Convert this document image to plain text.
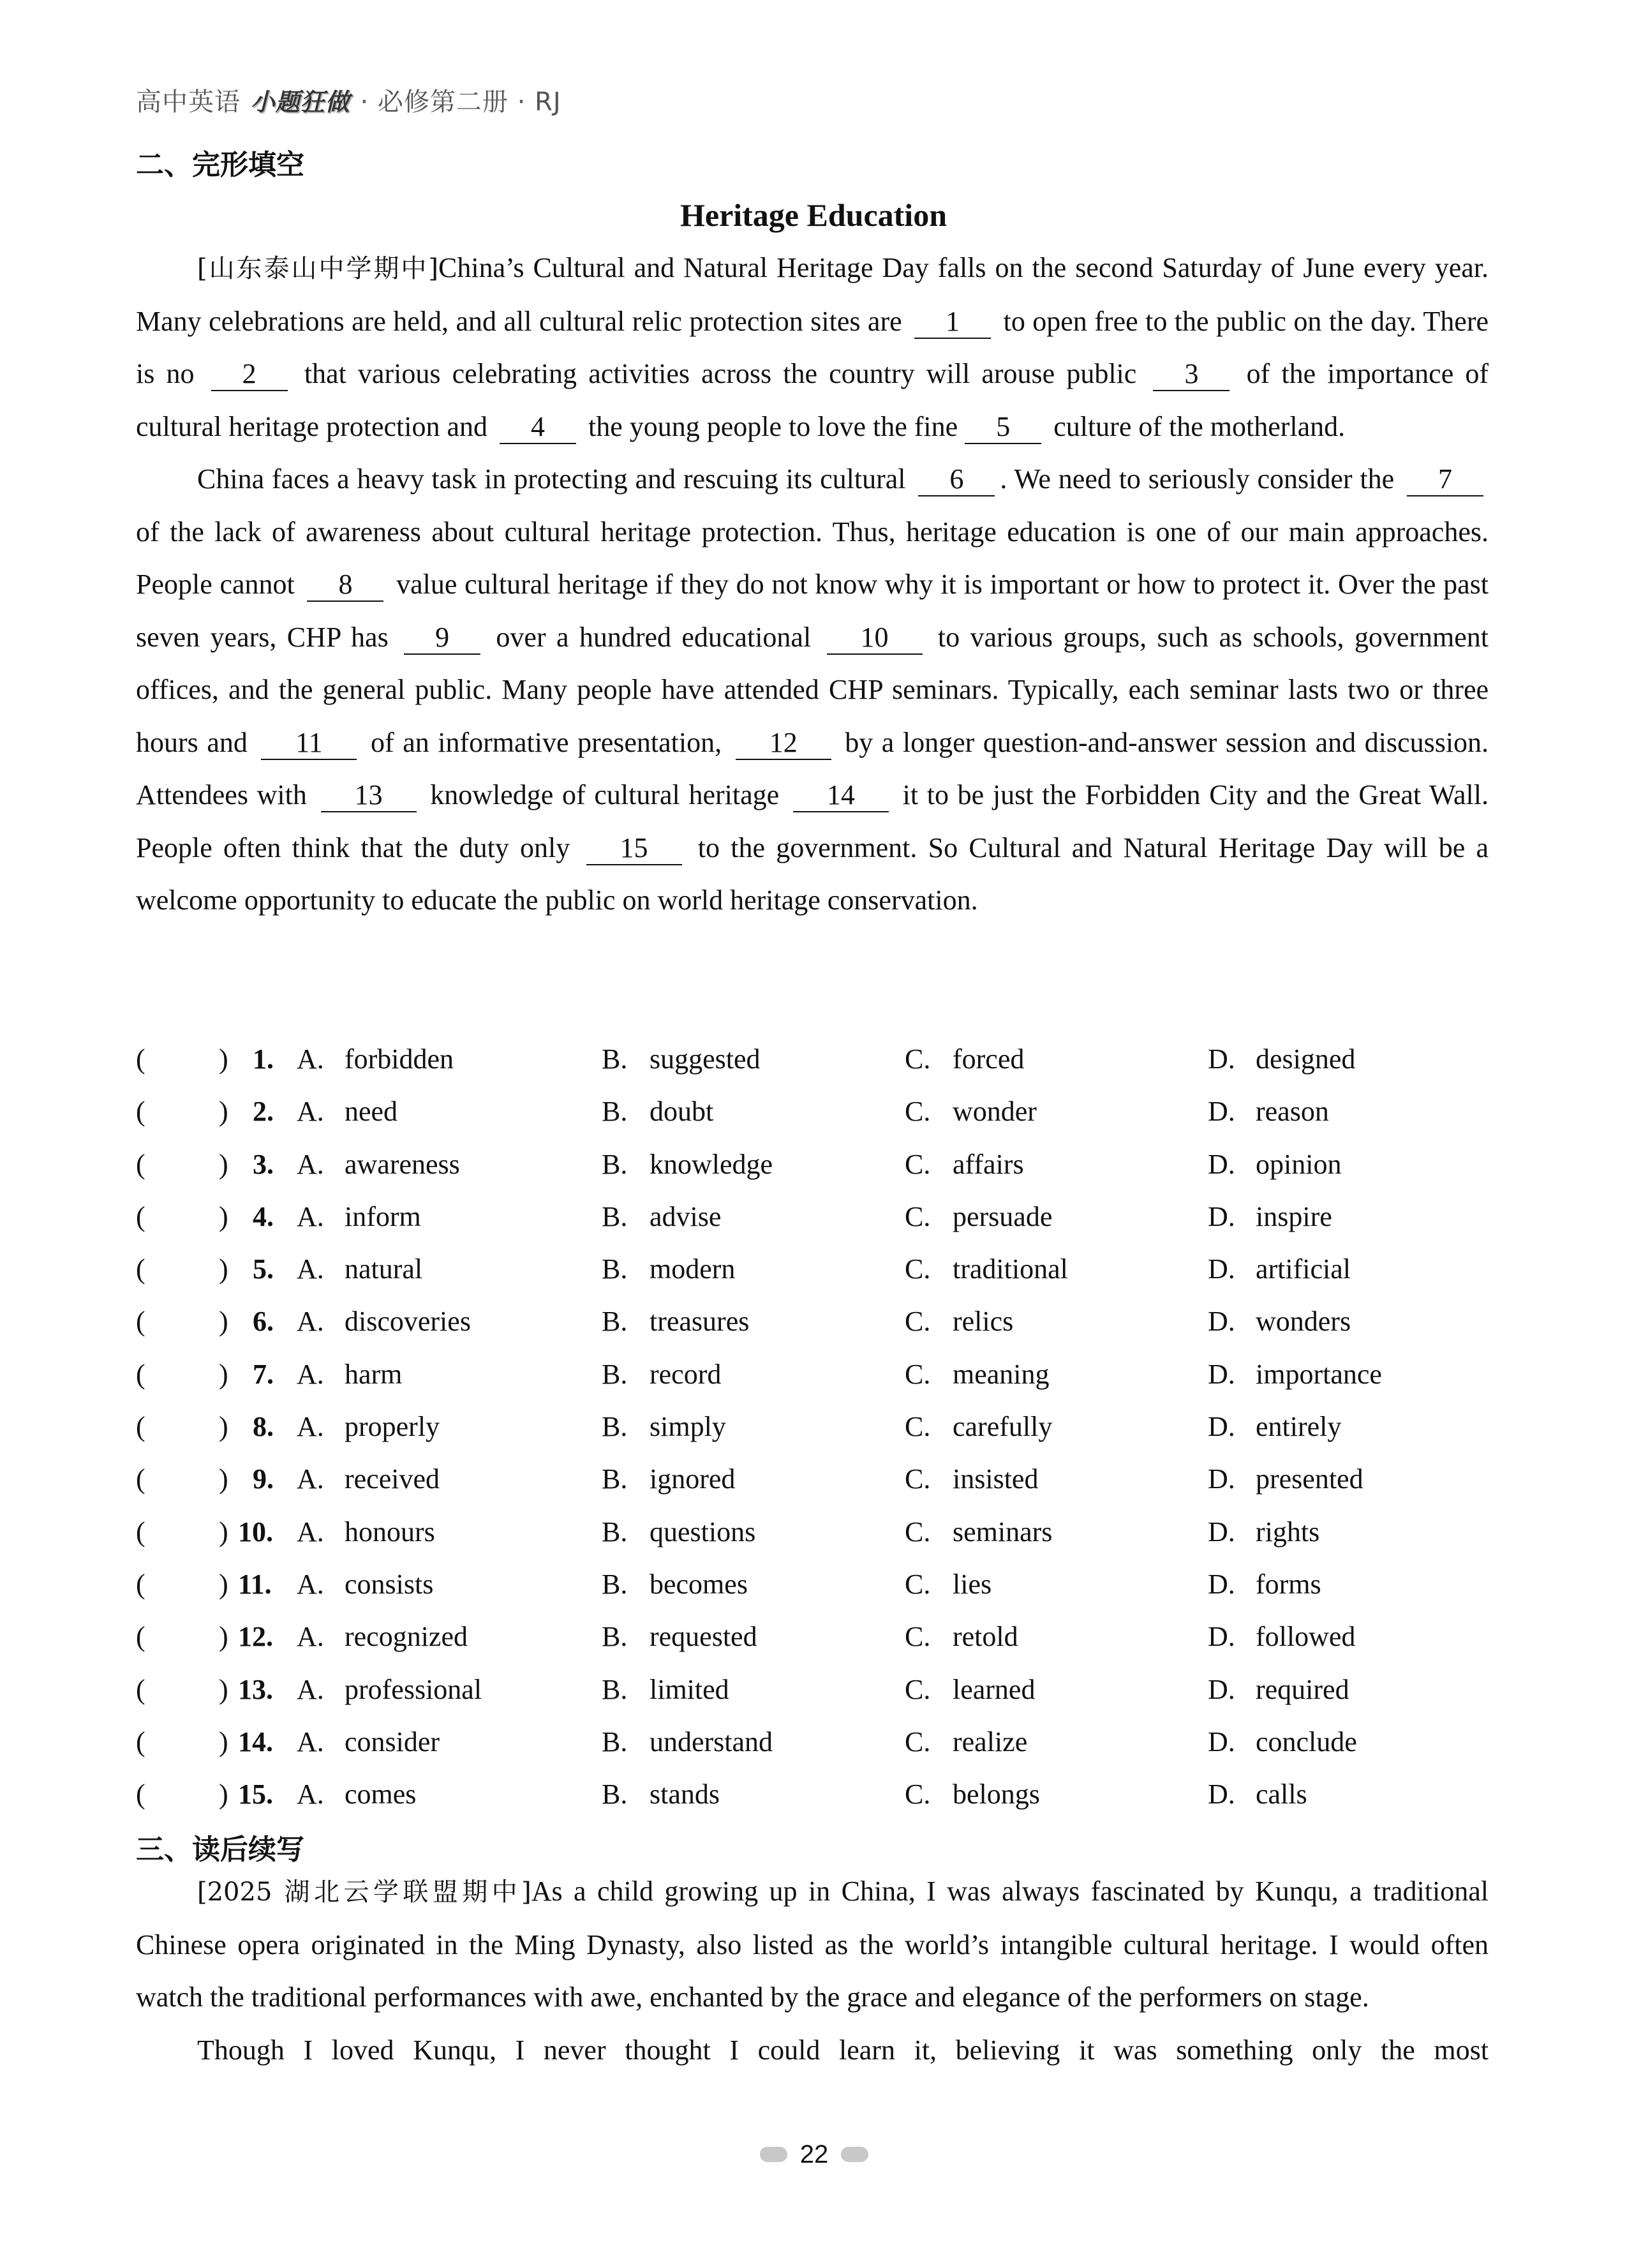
高中英语 小题狂做 · 必修第二册 · RJ
二、完形填空
Heritage Education

[山东泰山中学期中]China’s Cultural and Natural Heritage Day falls on the second Saturday of June every year. Many celebrations are held, and all cultural relic protection sites are 1 to open free to the public on the day. There is no 2 that various celebrating activities across the country will arouse public 3 of the importance of cultural heritage protection and 4 the young people to love the fine 5 culture of the motherland.

China faces a heavy task in protecting and rescuing its cultural 6 . We need to seriously consider the 7 of the lack of awareness about cultural heritage protection. Thus, heritage education is one of our main approaches. People cannot 8 value cultural heritage if they do not know why it is important or how to protect it. Over the past seven years, CHP has 9 over a hundred educational 10 to various groups, such as schools, government offices, and the general public. Many people have attended CHP seminars. Typically, each seminar lasts two or three hours and 11 of an informative presentation, 12 by a longer question-and-answer session and discussion. Attendees with 13 knowledge of cultural heritage 14 it to be just the Forbidden City and the Great Wall. People often think that the duty only 15 to the government. So Cultural and Natural Heritage Day will be a welcome opportunity to educate the public on world heritage conservation.

(	) 1. A. forbidden	B. suggested	C. forced	D. designed
(	) 2. A. need	B. doubt	C. wonder	D. reason
(	) 3. A. awareness	B. knowledge	C. affairs	D. opinion
(	) 4. A. inform	B. advise	C. persuade	D. inspire
(	) 5. A. natural	B. modern	C. traditional	D. artificial
(	) 6. A. discoveries	B. treasures	C. relics	D. wonders
(	) 7. A. harm	B. record	C. meaning	D. importance
(	) 8. A. properly	B. simply	C. carefully	D. entirely
(	) 9. A. received	B. ignored	C. insisted	D. presented
(	) 10. A. honours	B. questions	C. seminars	D. rights
(	) 11. A. consists	B. becomes	C. lies	D. forms
(	) 12. A. recognized	B. requested	C. retold	D. followed
(	) 13. A. professional	B. limited	C. learned	D. required
(	) 14. A. consider	B. understand	C. realize	D. conclude
(	) 15. A. comes	B. stands	C. belongs	D. calls
三、读后续写

[2025 湖北云学联盟期中]As a child growing up in China, I was always fascinated by Kunqu, a traditional Chinese opera originated in the Ming Dynasty, also listed as the world’s intangible cultural heritage. I would often watch the traditional performances with awe, enchanted by the grace and elegance of the performers on stage.

Though I loved Kunqu, I never thought I could learn it, believing it was something only the most

22
